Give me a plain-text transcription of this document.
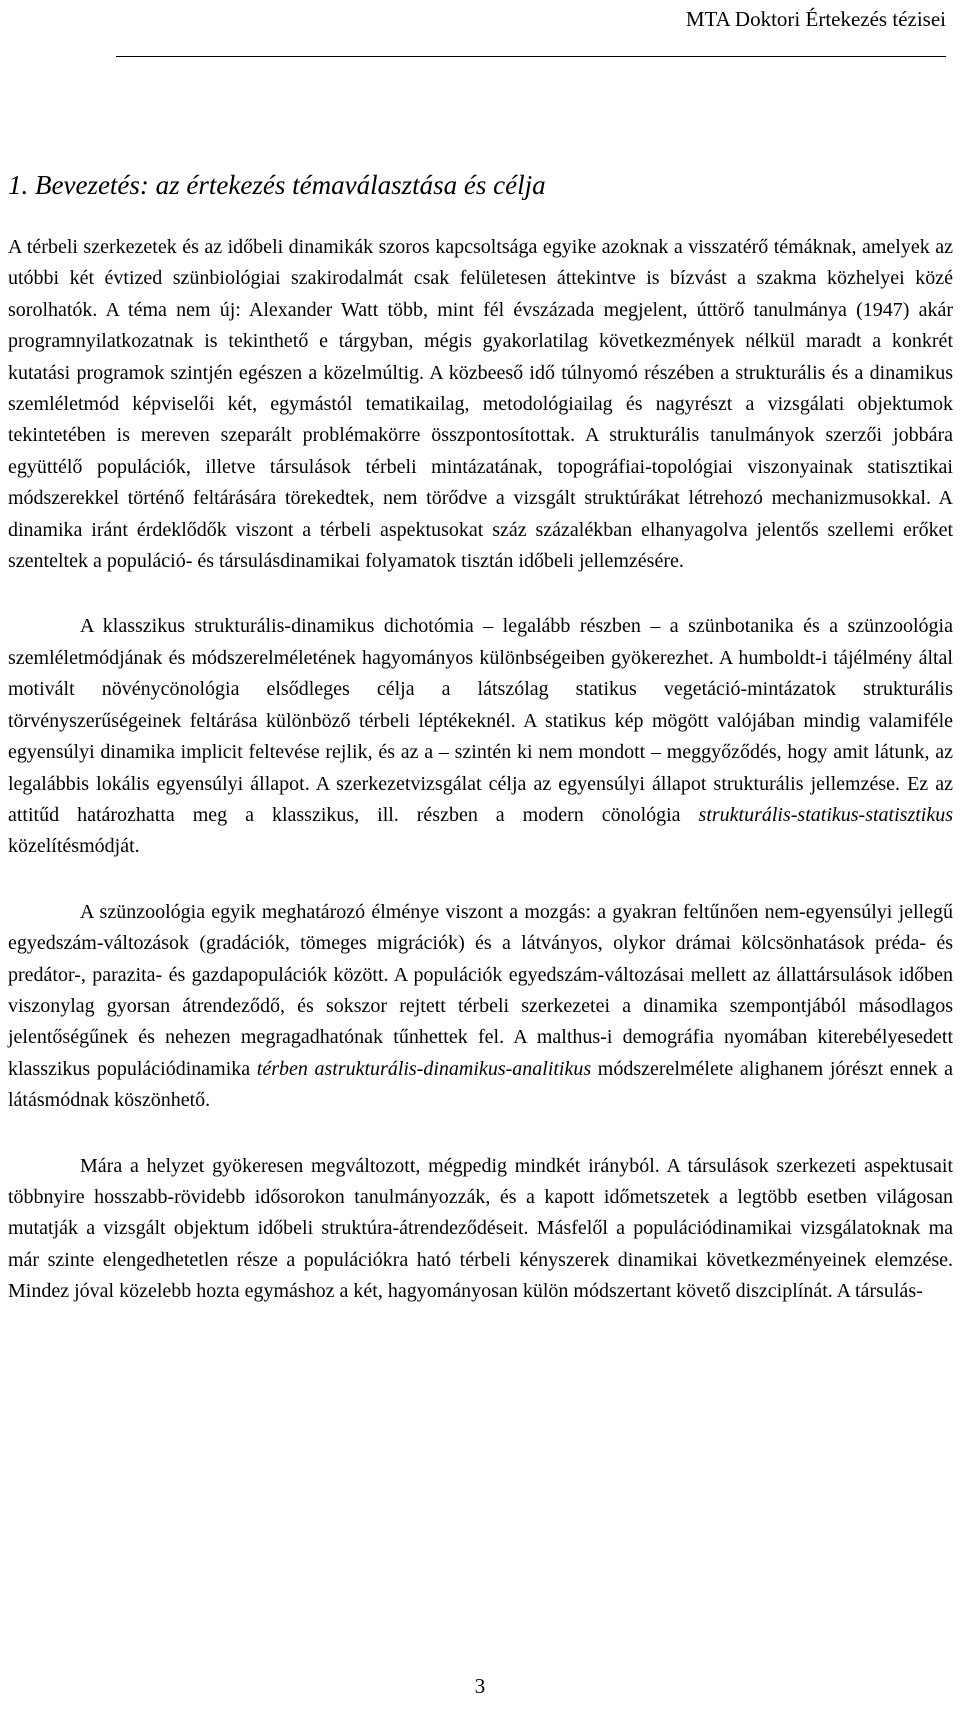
MTA Doktori Értekezés tézisei
1. Bevezetés: az értekezés témaválasztása és célja

A térbeli szerkezetek és az időbeli dinamikák szoros kapcsoltsága egyike azoknak a visszatérő témáknak, amelyek az utóbbi két évtized szünbiológiai szakirodalmát csak felületesen áttekintve is bízvást a szakma közhelyei közé sorolhatók. A téma nem új: Alexander Watt több, mint fél évszázada megjelent, úttörő tanulmánya (1947) akár programnyilatkozatnak is tekinthető e tárgyban, mégis gyakorlatilag következmények nélkül maradt a konkrét kutatási programok szintjén egészen a közelmúltig. A közbeeső idő túlnyomó részében a strukturális és a dinamikus szemléletmód képviselői két, egymástól tematikailag, metodológiailag és nagyrészt a vizsgálati objektumok tekintetében is mereven szeparált problémakörre összpontosítottak. A strukturális tanulmányok szerzői jobbára együttélő populációk, illetve társulások térbeli mintázatának, topográfiai-topológiai viszonyainak statisztikai módszerekkel történő feltárására törekedtek, nem törődve a vizsgált struktúrákat létrehozó mechanizmusokkal. A dinamika iránt érdeklődők viszont a térbeli aspektusokat száz százalékban elhanyagolva jelentős szellemi erőket szenteltek a populáció- és társulásdinamikai folyamatok tisztán időbeli jellemzésére.

A klasszikus strukturális-dinamikus dichotómia – legalább részben – a szünbotanika és a szünzoológia szemléletmódjának és módszerelméletének hagyományos különbségeiben gyökerezhet. A humboldt-i tájélmény által motivált növénycönológia elsődleges célja a látszólag statikus vegetáció-mintázatok strukturális törvényszerűségeinek feltárása különböző térbeli léptékeknél. A statikus kép mögött valójában mindig valamiféle egyensúlyi dinamika implicit feltevése rejlik, és az a – szintén ki nem mondott – meggyőződés, hogy amit látunk, az legalábbis lokális egyensúlyi állapot. A szerkezetvizsgálat célja az egyensúlyi állapot strukturális jellemzése. Ez az attitűd határozhatta meg a klasszikus, ill. részben a modern cönológia strukturális-statikus-statisztikus közelítésmódját.

A szünzoológia egyik meghatározó élménye viszont a mozgás: a gyakran feltűnően nem-egyensúlyi jellegű egyedszám-változások (gradációk, tömeges migrációk) és a látványos, olykor drámai kölcsönhatások préda- és predátor-, parazita- és gazdapopulációk között. A populációk egyedszám-változásai mellett az állattársulások időben viszonylag gyorsan átrendeződő, és sokszor rejtett térbeli szerkezetei a dinamika szempontjából másodlagos jelentőségűnek és nehezen megragadhatónak tűnhettek fel. A malthus-i demográfia nyomában kiterebélyesedett klasszikus populációdinamika térben astrukturális-dinamikus-analitikus módszerelmélete alighanem jórészt ennek a látásmódnak köszönhető.

Mára a helyzet gyökeresen megváltozott, mégpedig mindkét irányból. A társulások szerkezeti aspektusait többnyire hosszabb-rövidebb idősorokon tanulmányozzák, és a kapott időmetszetek a legtöbb esetben világosan mutatják a vizsgált objektum időbeli struktúra-átrendeződéseit. Másfelől a populációdinamikai vizsgálatoknak ma már szinte elengedhetetlen része a populációkra ható térbeli kényszerek dinamikai következményeinek elemzése. Mindez jóval közelebb hozta egymáshoz a két, hagyományosan külön módszertant követő diszciplínát. A társulás-

3
